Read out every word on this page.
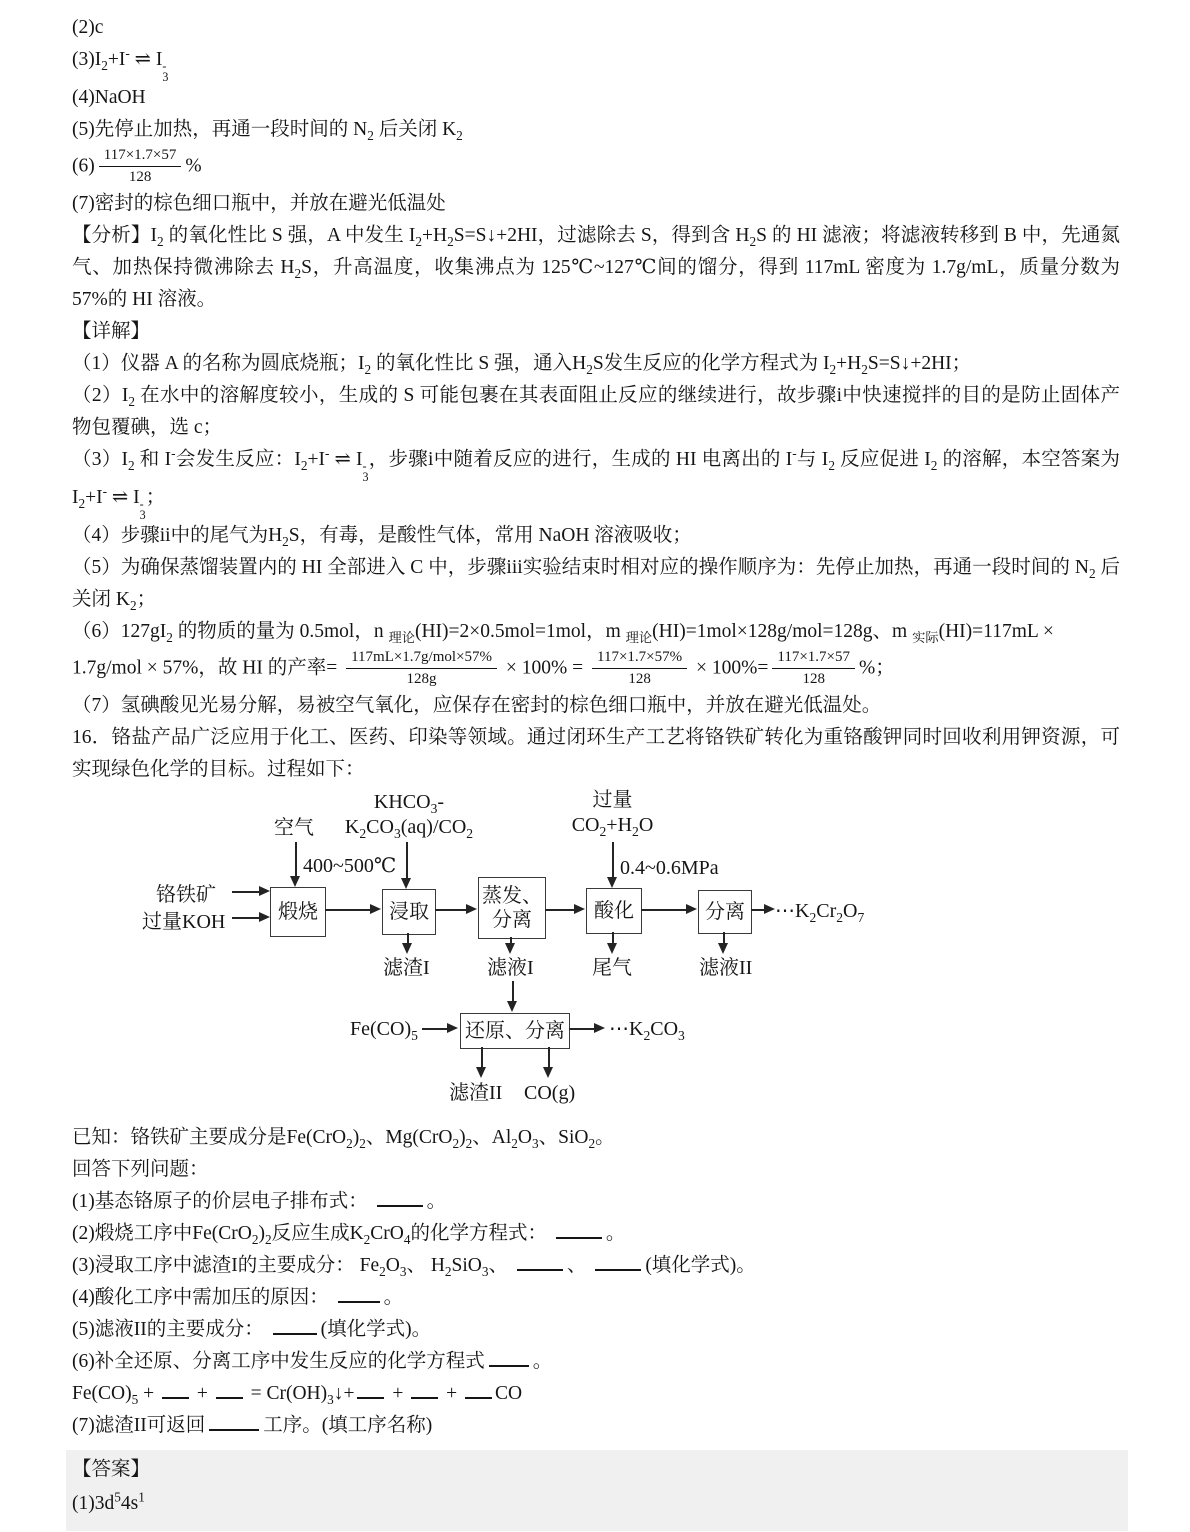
(2)c

$(3)I_2+I^-$ ⇌ I -
3

(4)NaOH

(5)先停止加热，再通一段时间的 $N_2$ 后关闭 $K_2$

$(6) \frac{117\times 1.7\times 57}{128}$ %

(7)密封的棕色细口瓶中，并放在避光低温处

【分析】$I_2$ 的氧化性比 S 强，A 中发生 $I_2+H_2S=S↓+2HI$，过滤除去 S，得到含 $H_2S$ 的 HI 滤液；将滤液转移到 B 中，先通氮气、加热保持微沸除去 $H_2S$，升高温度，收集沸点为 125℃~127℃间的馏分，得到 117mL 密度为 1.7g/mL，质量分数为 57%的 HI 溶液。

【详解】

（1）仪器 A 的名称为圆底烧瓶；$I_2$ 的氧化性比 S 强，通入$H_2S$发生反应的化学方程式为 $I_2+H_2S=S↓+2HI$；

$(2)I_2$ 在水中的溶解度较小，生成的 S 可能包裹在其表面阻止反应的继续进行，故步骤i中快速搅拌的目的是防止固体产物包覆碘，选 c；

$(3)I_2$ 和 I-会发生反应：$I_2+I^-$ ⇌ I -
3
，步骤i中随着反应的进行，生成的 HI 电离出的 I-与 $I_2$ 反应促进 $I_2$ 的溶解，本空答案为$I_2+I^-$ ⇌ I -
3
；

（4）步骤ii中的尾气为$H_2S$，有毒，是酸性气体，常用 NaOH 溶液吸收；

（5）为确保蒸馏装置内的 HI 全部进入 C 中，步骤iii实验结束时相对应的操作顺序为：先停止加热，再通一段时间的 $N_2$ 后关闭 $K_2$；

$(6)127gI_2$ 的物质的量为 0.5mol，n $_{理论}$(HI)=2×0.5mol=1mol，m $_{理论}$(HI)=1mol×128g/mol=128g、m $_{实际}$(HI)=117mL ×

1.7g/mol × 57%，故 HI 的产率= $\frac{\text{117mL×1.7g/mol×57\%}}{128g} \times 100\% = \frac{117\times 1.7\times 57\%}{128} \times 100\%= \frac{117\times 1.7\times 57}{128}$ %；

（7）氢碘酸见光易分解，易被空气氧化，应保存在密封的棕色细口瓶中，并放在避光低温处。

16．铬盐产品广泛应用于化工、医药、印染等领域。通过闭环生产工艺将铬铁矿转化为重铬酸钾同时回收利用钾资源，可实现绿色化学的目标。过程如下：

空气
$KHCO_3-$
$K_2CO_3(aq)/CO_2$
过量
$CO_2+H_2O$
400~500℃	0.4~0.6MPa
铬铁矿
过量KOH	煅烧	浸取
蒸发、
分离	酸化	分离
还原、分离
滤渣I	滤液I	尾气	滤液II
$\cdots K_2Cr_2O_7$
$Fe(CO)_5$	$\cdots K_2CO_3$
滤渣II CO(g)

已知：铬铁矿主要成分是$Fe(CrO_2)_2$、$Mg(CrO_2)_2$、$Al_2O_3$、SiO$_2$。

回答下列问题：

(1)基态铬原子的价层电子排布式：	。

(2)煅烧工序中$Fe(CrO_2)_2$反应生成$K_2CrO_4$的化学方程式：	。

(3)浸取工序中滤渣I的主要成分： $Fe_2O_3$、 $H_2SiO_3$、	、	(填化学式)。

(4)酸化工序中需加压的原因：	。

(5)滤液II的主要成分：	(填化学式)。

(6)补全还原、分离工序中发生反应的化学方程式 。

$Fe(CO)_5$ +  +  = $Cr(OH)_3↓+$ +  + CO

(7)滤渣II可返回	工序。(填工序名称)

【答案】

$(1)3d^54s^1$
